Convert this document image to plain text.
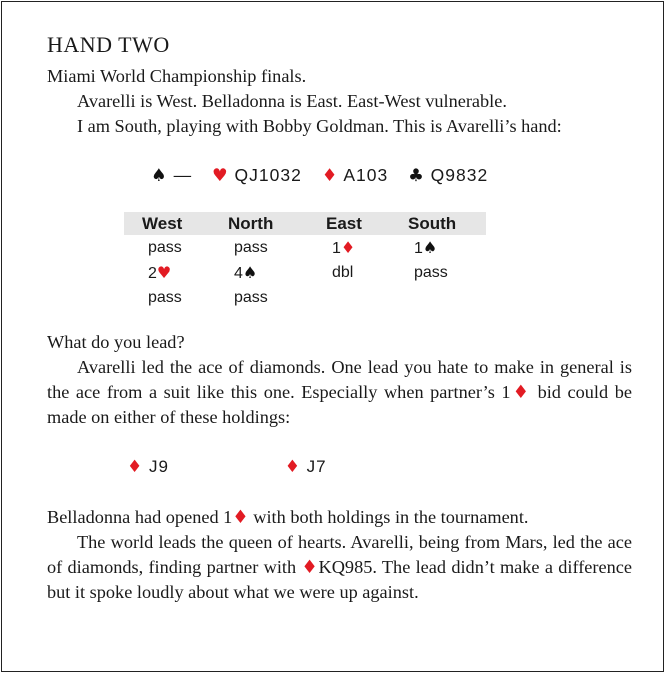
HAND TWO

Miami World Championship finals.

Avarelli is West. Belladonna is East. East-West vulnerable.

I am South, playing with Bobby Goldman. This is Avarelli’s hand:

♠ — ♥ QJ1032 ♦ A103 ♣ Q9832
West	North	East	South
pass	pass	1♦	1♠
2♥	4♠	dbl	pass
pass	pass		

What do you lead?

Avarelli led the ace of diamonds. One lead you hate to make in general is the ace from a suit like this one. Especially when partner’s 1♦ bid could be made on either of these holdings:

♦ J9	♦ J7

Belladonna had opened 1♦ with both holdings in the tournament.

The world leads the queen of hearts. Avarelli, being from Mars, led the ace of diamonds, finding partner with ♦KQ985. The lead didn’t make a difference but it spoke loudly about what we were up against.
